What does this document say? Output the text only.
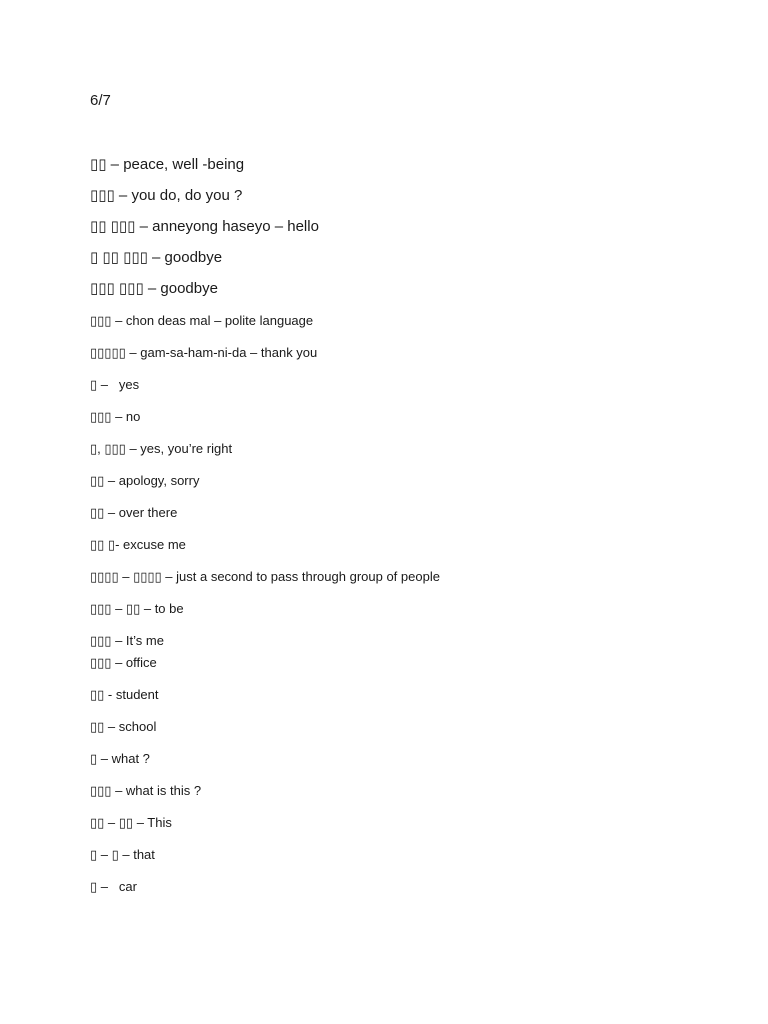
6/7
▯▯ – peace, well -being
▯▯▯ – you do, do you ?
▯▯ ▯▯▯ – anneyong haseyo – hello
▯ ▯▯ ▯▯▯ – goodbye
▯▯▯ ▯▯▯ – goodbye
▯▯▯ – chon deas mal – polite language
▯▯▯▯▯ – gam-sa-ham-ni-da – thank you
▯ –   yes
▯▯▯ – no
▯, ▯▯▯ – yes, you’re right
▯▯ – apology, sorry
▯▯ – over there
▯▯ ▯- excuse me
▯▯▯▯ – ▯▯▯▯ – just a second to pass through group of people
▯▯▯ – ▯▯ – to be
▯▯▯ – It’s me
▯▯▯ – office
▯▯ - student
▯▯ – school
▯ – what ?
▯▯▯ – what is this ?
▯▯ – ▯▯ – This
▯ – ▯ – that
▯ –   car
